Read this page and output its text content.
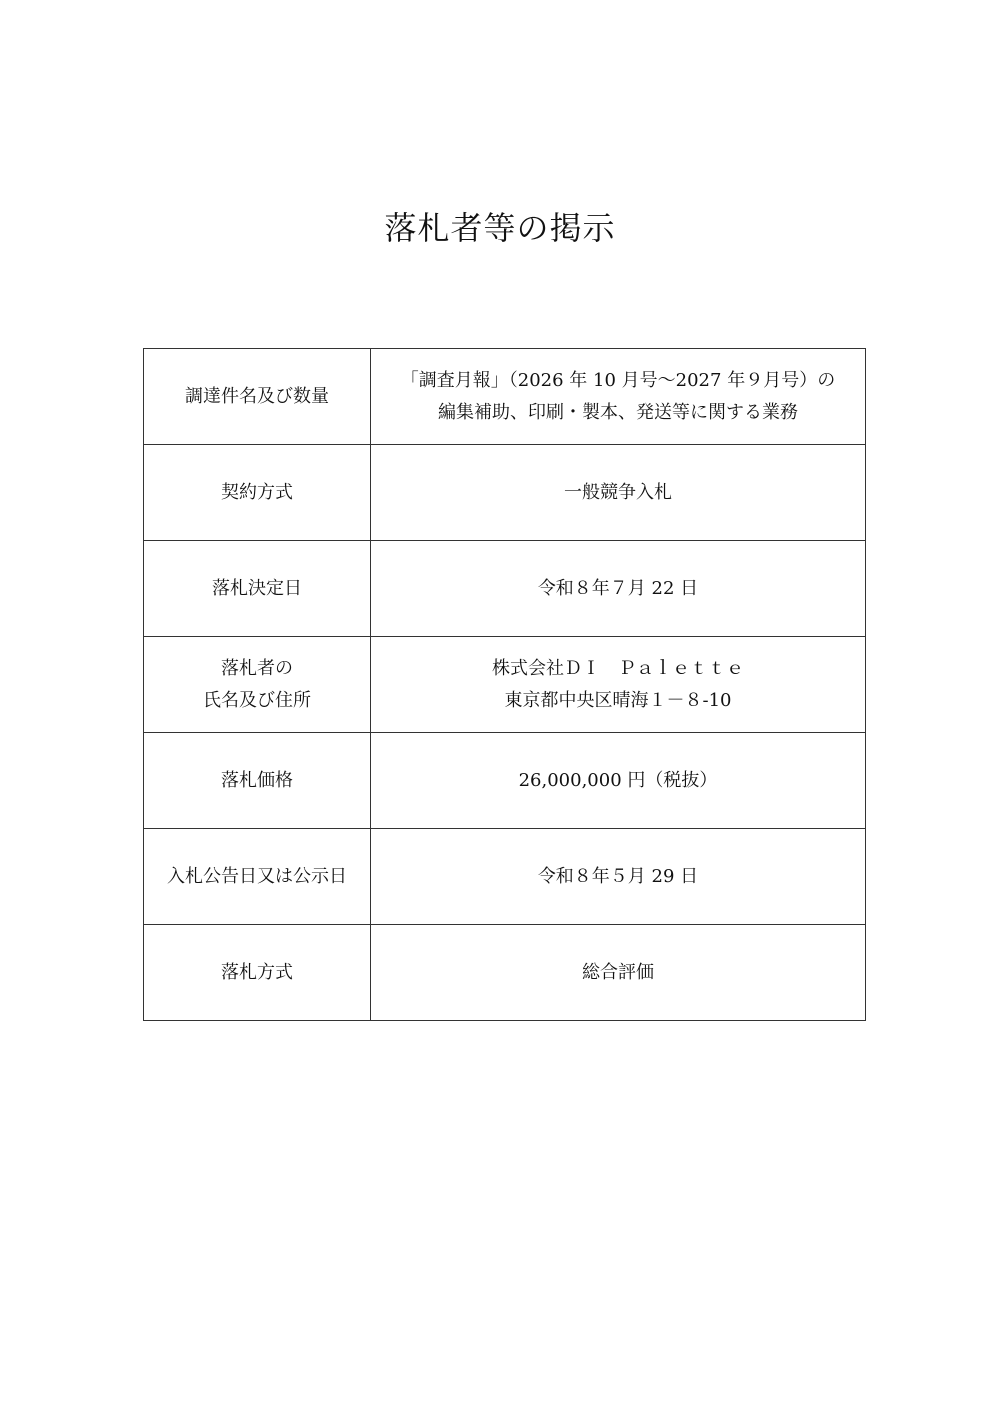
落札者等の掲示
調達件名及び数量	「調査月報」（2026 年 10 月号～2027 年９月号）の
編集補助、印刷・製本、発送等に関する業務

契約方式	一般競争入札

落札決定日	令和８年７月 22 日

落札者の
氏名及び住所	株式会社ＤＩ　Ｐａｌｅｔｔｅ
東京都中央区晴海１－８-10

落札価格	26,000,000 円（税抜）

入札公告日又は公示日	令和８年５月 29 日

落札方式	総合評価
